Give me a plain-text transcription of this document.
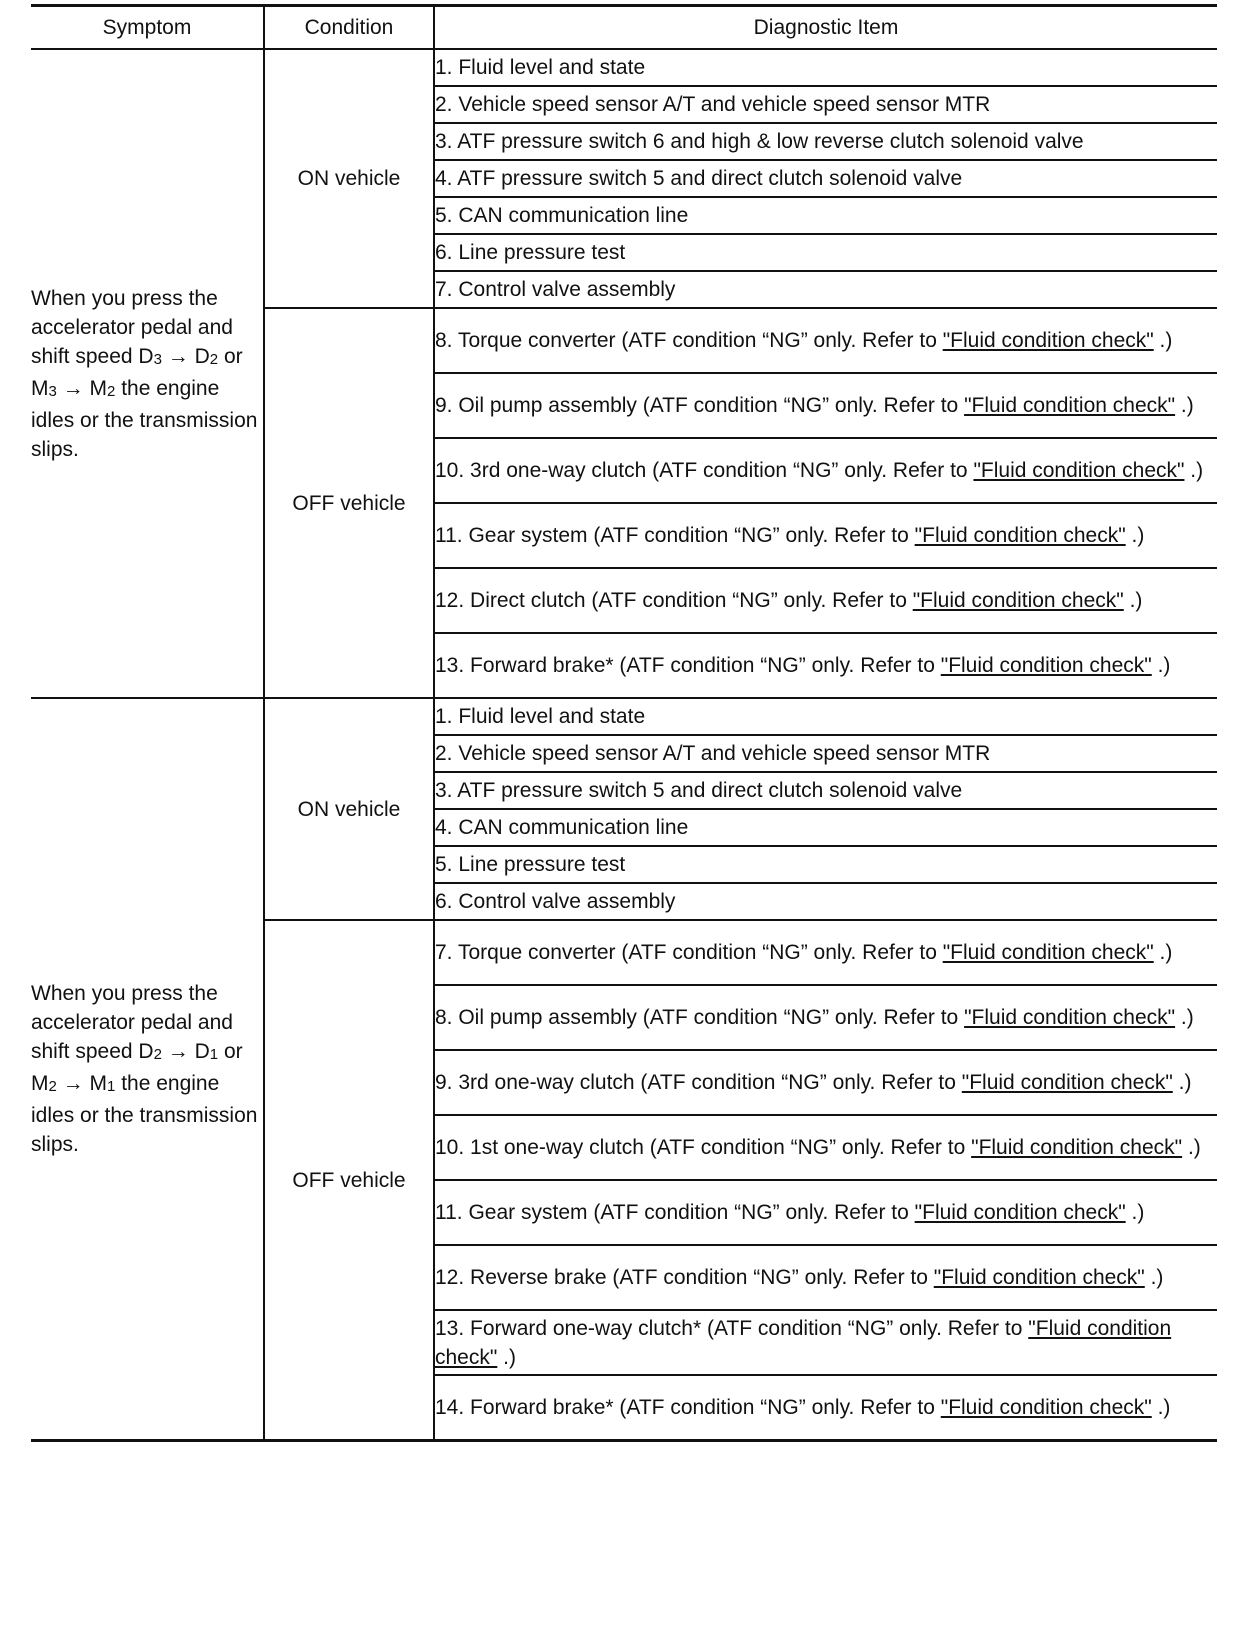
Symptom	Condition	Diagnostic Item

When you press the accelerator pedal and shift speed $D_3 \to D_2$ or $M_3 \to M_2$ the engine idles or the transmission slips.	ON vehicle	1. Fluid level and state
		2. Vehicle speed sensor A/T and vehicle speed sensor MTR
		3. ATF pressure switch 6 and high & low reverse clutch solenoid valve
		4. ATF pressure switch 5 and direct clutch solenoid valve
		5. CAN communication line
		6. Line pressure test
		7. Control valve assembly
	OFF vehicle	8. Torque converter (ATF condition “NG” only. Refer to "Fluid condition check" .)
		9. Oil pump assembly (ATF condition “NG” only. Refer to "Fluid condition check" .)
		10. 3rd one-way clutch (ATF condition “NG” only. Refer to "Fluid condition check" .)
		11. Gear system (ATF condition “NG” only. Refer to "Fluid condition check" .)
		12. Direct clutch (ATF condition “NG” only. Refer to "Fluid condition check" .)
		13. Forward brake* (ATF condition “NG” only. Refer to "Fluid condition check" .)

When you press the accelerator pedal and shift speed $D_2 \to D_1$ or $M_2 \to M_1$ the engine idles or the transmission slips.	ON vehicle	1. Fluid level and state
		2. Vehicle speed sensor A/T and vehicle speed sensor MTR
		3. ATF pressure switch 5 and direct clutch solenoid valve
		4. CAN communication line
		5. Line pressure test
		6. Control valve assembly
	OFF vehicle	7. Torque converter (ATF condition “NG” only. Refer to "Fluid condition check" .)
		8. Oil pump assembly (ATF condition “NG” only. Refer to "Fluid condition check" .)
		9. 3rd one-way clutch (ATF condition “NG” only. Refer to "Fluid condition check" .)
		10. 1st one-way clutch (ATF condition “NG” only. Refer to "Fluid condition check" .)
		11. Gear system (ATF condition “NG” only. Refer to "Fluid condition check" .)
		12. Reverse brake (ATF condition “NG” only. Refer to "Fluid condition check" .)
		13. Forward one-way clutch* (ATF condition “NG” only. Refer to "Fluid condition check" .)
		14. Forward brake* (ATF condition “NG” only. Refer to "Fluid condition check" .)
